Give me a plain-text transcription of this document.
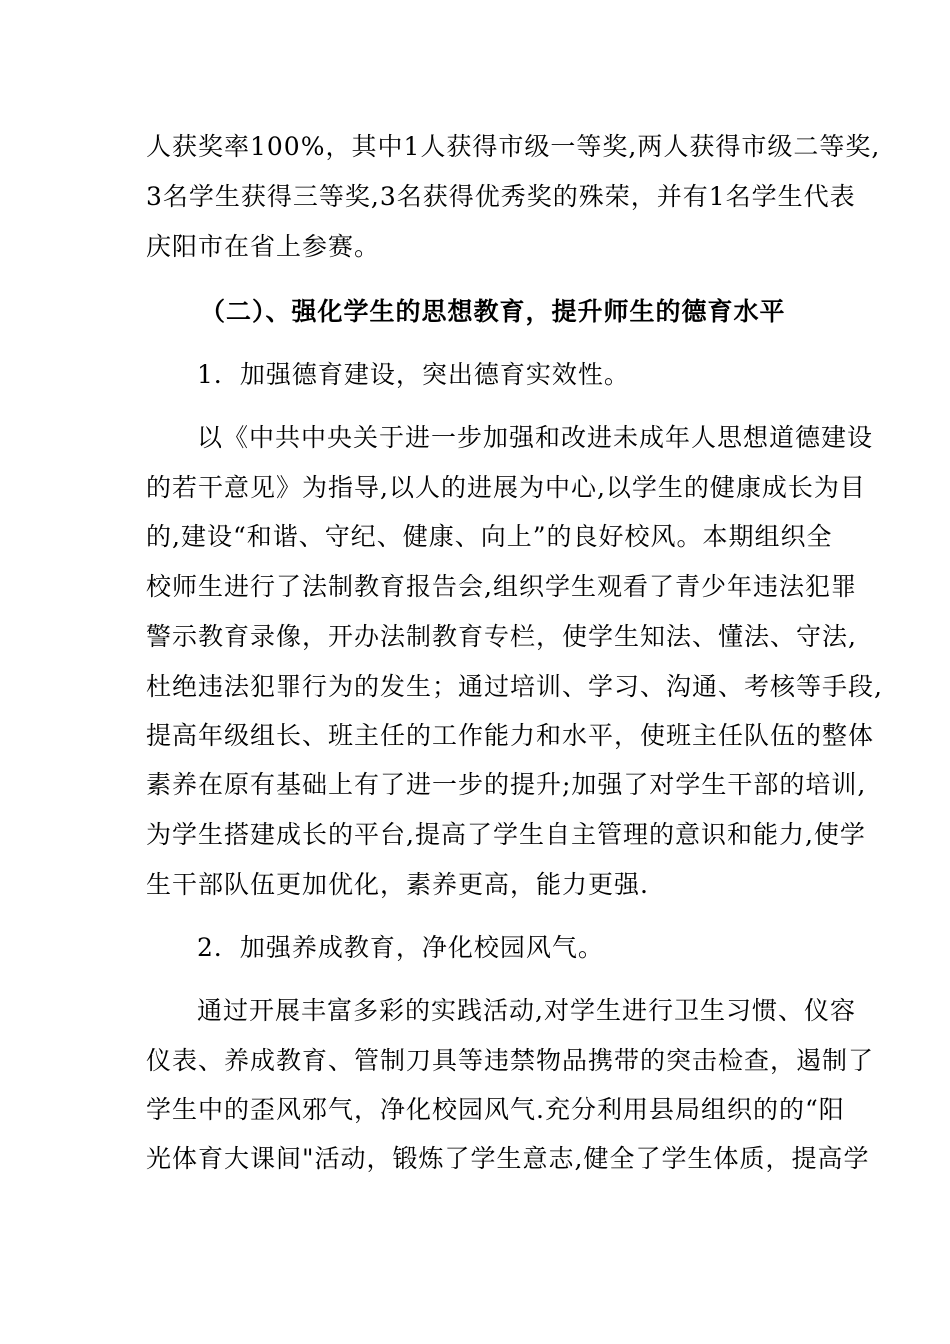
人获奖率100%，其中1人获得市级一等奖,两人获得市级二等奖,
3名学生获得三等奖,3名获得优秀奖的殊荣，并有1名学生代表
庆阳市在省上参赛。
（二）、强化学生的思想教育，提升师生的德育水平
1．加强德育建设，突出德育实效性。
以《中共中央关于进一步加强和改进未成年人思想道德建设
的若干意见》为指导,以人的进展为中心,以学生的健康成长为目
的,建设“和谐、守纪、健康、向上”的良好校风。本期组织全
校师生进行了法制教育报告会,组织学生观看了青少年违法犯罪
警示教育录像，开办法制教育专栏，使学生知法、懂法、守法,
杜绝违法犯罪行为的发生；通过培训、学习、沟通、考核等手段,
提高年级组长、班主任的工作能力和水平，使班主任队伍的整体
素养在原有基础上有了进一步的提升;加强了对学生干部的培训,
为学生搭建成长的平台,提高了学生自主管理的意识和能力,使学
生干部队伍更加优化，素养更高，能力更强.
2．加强养成教育，净化校园风气。
通过开展丰富多彩的实践活动,对学生进行卫生习惯、仪容
仪表、养成教育、管制刀具等违禁物品携带的突击检查，遏制了
学生中的歪风邪气，净化校园风气.充分利用县局组织的的“阳
光体育大课间"活动，锻炼了学生意志,健全了学生体质，提高学
